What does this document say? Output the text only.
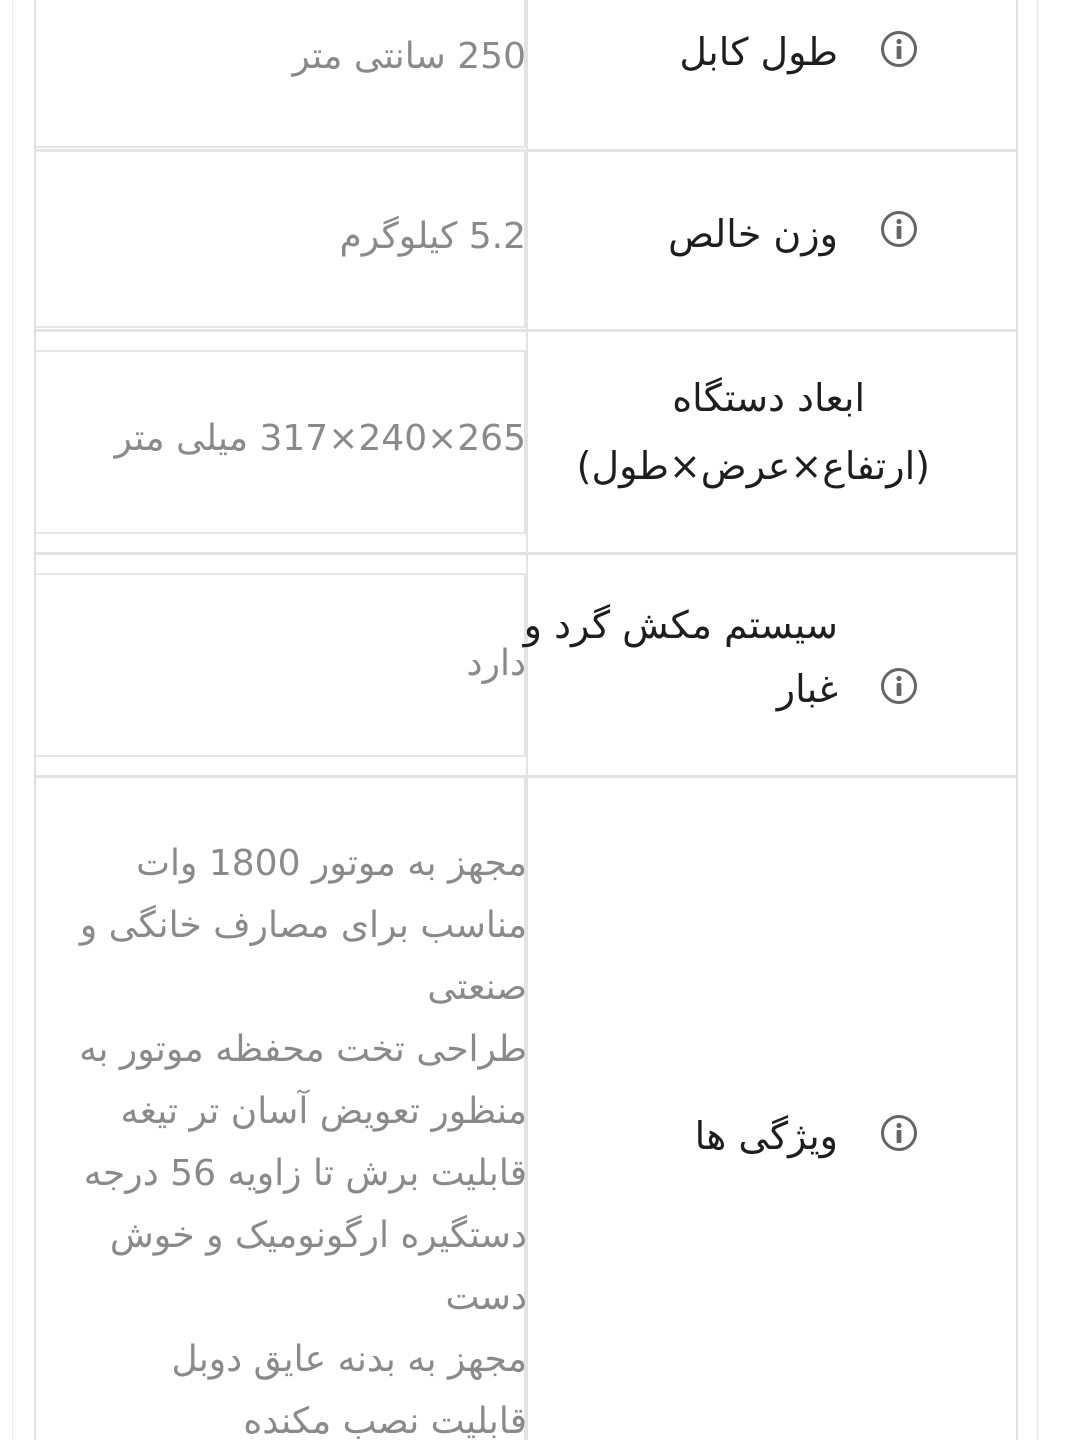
طول کابل
250 سانتی متر
وزن خالص
5.2 کیلوگرم
ابعاد دستگاه
(ارتفاع×عرض×طول)
265×240×317 میلی متر
سیستم مکش گرد و
غبار
دارد
ویژگی ها
مجهز به موتور 1800 وات
مناسب برای مصارف خانگی و
صنعتی
طراحی تخت محفظه موتور به
منظور تعویض آسان تر تیغه
قابلیت برش تا زاویه 56 درجه
دستگیره ارگونومیک و خوش
دست
مجهز به بدنه عایق دوبل
قابلیت نصب مکنده
